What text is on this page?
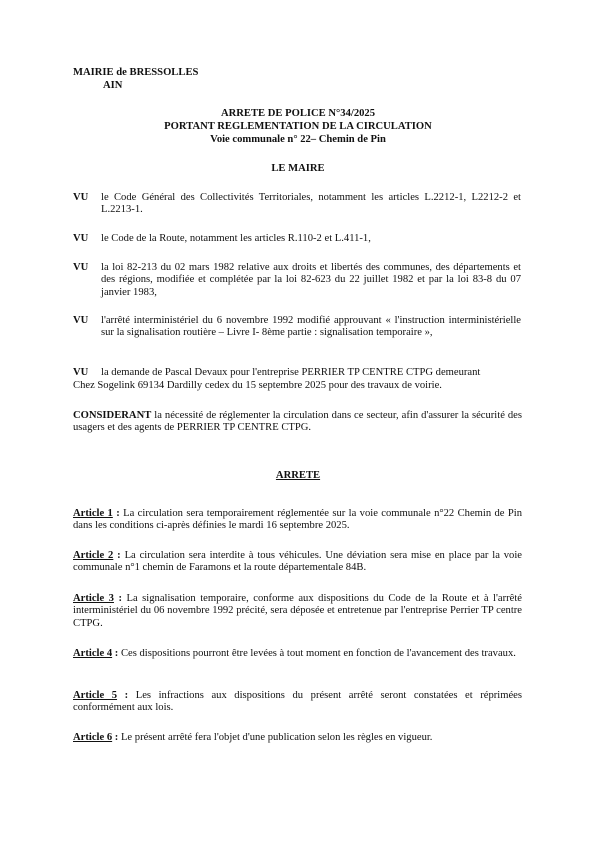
MAIRIE de BRESSOLLES
AIN
ARRETE DE POLICE N°34/2025
PORTANT REGLEMENTATION DE LA CIRCULATION
Voie communale n° 22– Chemin de Pin
LE MAIRE
VU le Code Général des Collectivités Territoriales, notamment les articles L.2212-1, L2212-2 et L.2213-1.
VU le Code de la Route, notamment les articles R.110-2 et L.411-1,
VU la loi 82-213 du 02 mars 1982 relative aux droits et libertés des communes, des départements et des régions, modifiée et complétée par la loi 82-623 du 22 juillet 1982 et par la loi 83-8 du 07 janvier 1983,
VU l'arrêté interministériel du 6 novembre 1992 modifié approuvant « l'instruction interministérielle sur la signalisation routière – Livre I- 8ème partie : signalisation temporaire »,
VU la demande de Pascal Devaux pour l'entreprise PERRIER TP CENTRE CTPG demeurant
Chez Sogelink 69134 Dardilly cedex du 15 septembre 2025 pour des travaux de voirie.
CONSIDERANT la nécessité de réglementer la circulation dans ce secteur, afin d'assurer la sécurité des usagers et des agents de PERRIER TP CENTRE CTPG.
ARRETE
Article 1 : La circulation sera temporairement réglementée sur la voie communale n°22 Chemin de Pin dans les conditions ci-après définies le mardi 16 septembre 2025.
Article 2 : La circulation sera interdite à tous véhicules. Une déviation sera mise en place par la voie communale n°1 chemin de Faramons et la route départementale 84B.
Article 3 : La signalisation temporaire, conforme aux dispositions du Code de la Route et à l'arrêté interministériel du 06 novembre 1992 précité, sera déposée et entretenue par l'entreprise Perrier TP centre CTPG.
Article 4 : Ces dispositions pourront être levées à tout moment en fonction de l'avancement des travaux.
Article 5 : Les infractions aux dispositions du présent arrêté seront constatées et réprimées conformément aux lois.
Article 6 : Le présent arrêté fera l'objet d'une publication selon les règles en vigueur.
